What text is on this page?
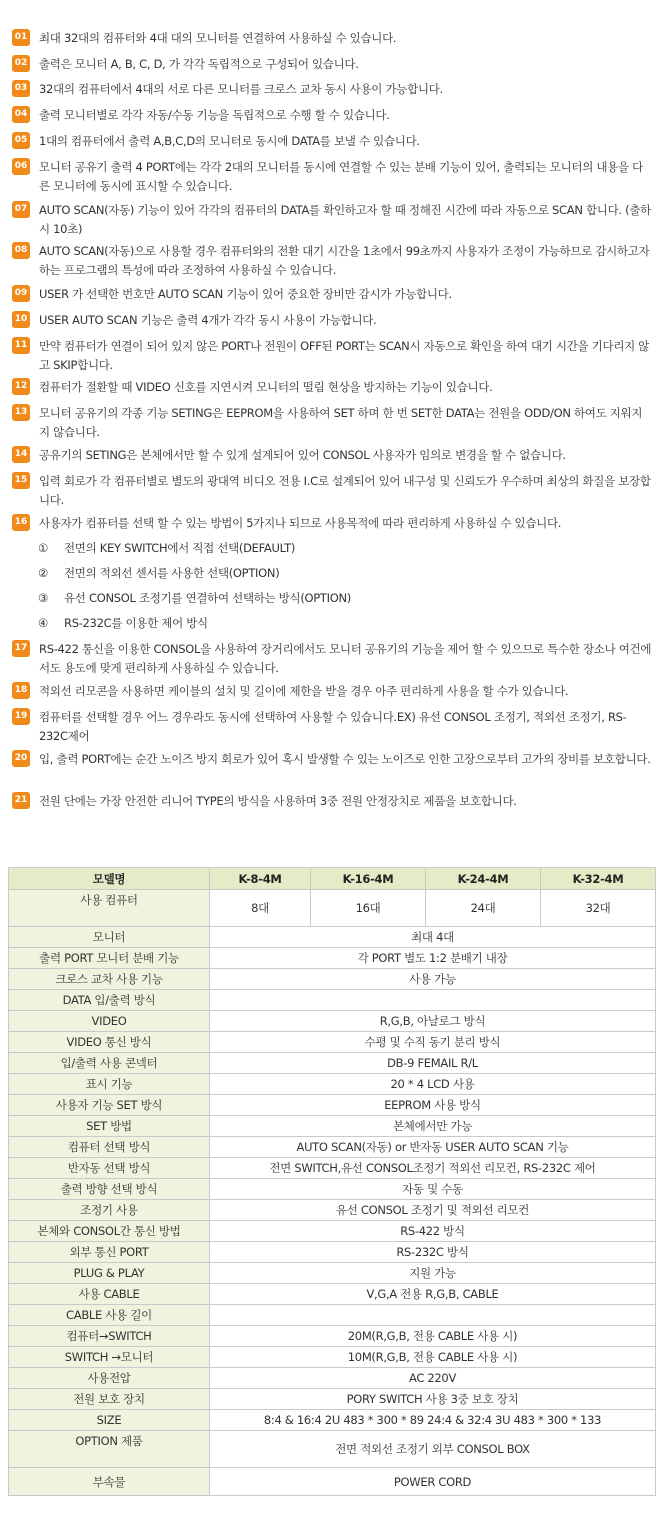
01 최대 32대의 컴퓨터와 4대 대의 모니터를 연결하여 사용하실 수 있습니다.
02 출력은 모니터 A, B, C, D, 가 각각 독립적으로 구성되어 있습니다.
03 32대의 컴퓨터에서 4대의 서로 다른 모니터를 크로스 교차 동시 사용이 가능합니다.
04 출력 모니터별로 각각 자동/수동 기능을 독립적으로 수행 할 수 있습니다.
05 1대의 컴퓨터에서 출력 A,B,C,D의 모니터로 동시에 DATA를 보낼 수 있습니다.
06 모니터 공유기 출력 4 PORT에는 각각 2대의 모니터를 동시에 연결할 수 있는 분배 기능이 있어, 출력되는 모니터의 내용을 다른 모니터에 동시에 표시할 수 있습니다.
07 AUTO SCAN(자동) 기능이 있어 각각의 컴퓨터의 DATA를 확인하고자 할 때 정해진 시간에 따라 자동으로 SCAN 합니다. (출하 시 10초)
08 AUTO SCAN(자동)으로 사용할 경우 컴퓨터와의 전환 대기 시간을 1초에서 99초까지 사용자가 조정이 가능하므로 감시하고자 하는 프로그램의 특성에 따라 조정하여 사용하실 수 있습니다.
09 USER 가 선택한 번호만 AUTO SCAN 기능이 있어 중요한 장비만 감시가 가능합니다.
10 USER AUTO SCAN 기능은 출력 4개가 각각 동시 사용이 가능합니다.
11 만약 컴퓨터가 연결이 되어 있지 않은 PORT나 전원이 OFF된 PORT는 SCAN시 자동으로 확인을 하여 대기 시간을 기다리지 않고 SKIP합니다.
12 컴퓨터가 절환할 때 VIDEO 신호를 지연시켜 모니터의 떨림 현상을 방지하는 기능이 있습니다.
13 모니터 공유기의 각종 기능 SETING은 EEPROM을 사용하여 SET 하며 한 번 SET한 DATA는 전원을 ODD/ON 하여도 지워지지 않습니다.
14 공유기의 SETING은 본체에서만 할 수 있게 설계되어 있어 CONSOL 사용자가 임의로 변경을 할 수 없습니다.
15 입력 회로가 각 컴퓨터별로 별도의 광대역 비디오 전용 I.C로 설계되어 있어 내구성 및 신뢰도가 우수하며 최상의 화질을 보장합니다.
16 사용자가 컴퓨터를 선택 할 수 있는 방법이 5가지나 되므로 사용목적에 따라 편리하게 사용하실 수 있습니다.
① 전면의 KEY SWITCH에서 직접 선택(DEFAULT)
② 전면의 적외선 센서를 사용한 선택(OPTION)
③ 유선 CONSOL 조정기를 연결하여 선택하는 방식(OPTION)
④ RS-232C를 이용한 제어 방식
17 RS-422 통신을 이용한 CONSOL을 사용하여 장거리에서도 모니터 공유기의 기능을 제어 할 수 있으므로 특수한 장소나 여건에서도 용도에 맞게 편리하게 사용하실 수 있습니다.
18 적외선 리모콘을 사용하면 케이블의 설치 및 길이에 제한을 받을 경우 아주 편리하게 사용을 할 수가 있습니다.
19 컴퓨터를 선택할 경우 어느 경우라도 동시에 선택하여 사용할 수 있습니다.EX) 유선 CONSOL 조정기, 적외선 조정기, RS-232C제어
20 입, 출력 PORT에는 순간 노이즈 방지 회로가 있어 혹시 발생할 수 있는 노이즈로 인한 고장으로부터 고가의 장비를 보호합니다.
21 전원 단에는 가장 안전한 리니어 TYPE의 방식을 사용하며 3중 전원 안정장치로 제품을 보호합니다.
모델명	K-8-4M	K-16-4M	K-24-4M	K-32-4M
사용 컴퓨터	8대	16대	24대	32대
모니터	최대 4대			
출력 PORT 모니터 분배 기능	각 PORT 별도 1:2 분배기 내장			
크로스 교차 사용 기능	사용 가능			
DATA 입/출력 방식				
VIDEO	R,G,B, 아날로그 방식			
VIDEO 통신 방식	수평 및 수직 동기 분리 방식			
입/출력 사용 콘넥터	DB-9 FEMAIL R/L			
표시 기능	20 * 4 LCD 사용			
사용자 기능 SET 방식	EEPROM 사용 방식			
SET 방법	본체에서만 가능			
컴퓨터 선택 방식	AUTO SCAN(자동) or 반자동 USER AUTO SCAN 기능			
반자동 선택 방식	전면 SWITCH,유선 CONSOL조정기 적외선 리모컨, RS-232C 제어			
출력 방향 선택 방식	자동 및 수동			
조정기 사용	유선 CONSOL 조정기 및 적외선 리모컨			
본체와 CONSOL간 통신 방법	RS-422 방식			
외부 통신 PORT	RS-232C 방식			
PLUG & PLAY	지원 가능			
사용 CABLE	V,G,A 전용 R,G,B, CABLE			
CABLE 사용 길이				
컴퓨터→SWITCH	20M(R,G,B, 전용 CABLE 사용 시)			
SWITCH →모니터	10M(R,G,B, 전용 CABLE 사용 시)			
사용전압	AC 220V			
전원 보호 장치	PORY SWITCH 사용 3중 보호 장치			
SIZE	8:4 & 16:4 2U 483 * 300 * 89 24:4 & 32:4 3U 483 * 300 * 133			
OPTION 제품	전면 적외선 조정기 외부 CONSOL BOX			
부속물	POWER CORD			
